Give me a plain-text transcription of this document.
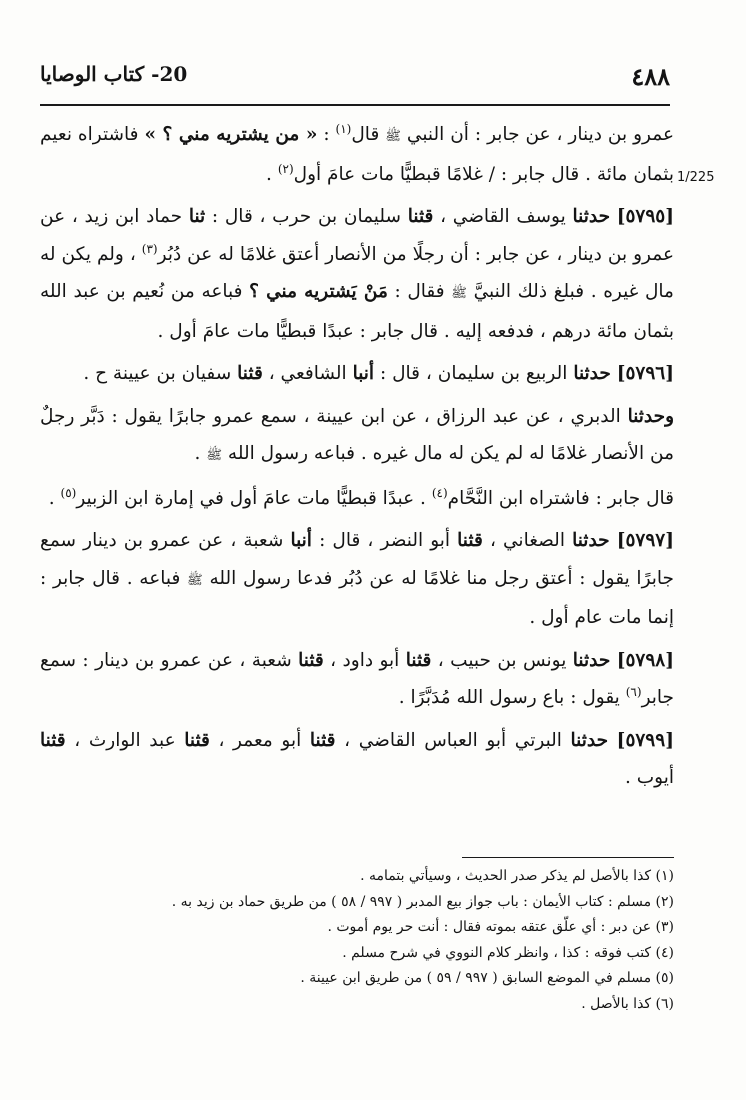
٤٨٨
20- كتاب الوصايا
1/225

عمرو بن دينار ، عن جابر : أن النبي ﷺ قال$^{(١)}$ : « من يشتريه مني ؟ » فاشتراه نعيم بثمان مائة . قال جابر : / غلامًا قبطيًّا مات عامَ أول$^{(٢)}$ .

[٥٧٩٥] حدثنا يوسف القاضي ، قثنا سليمان بن حرب ، قال : ثنا حماد ابن زيد ، عن عمرو بن دينار ، عن جابر : أن رجلًا من الأنصار أعتق غلامًا له عن دُبُر$^{(٣)}$ ، ولم يكن له مال غيره . فبلغ ذلك النبيَّ ﷺ فقال : مَنْ يَشتريه مني ؟ فباعه من نُعيم بن عبد الله بثمان مائة درهم ، فدفعه إليه . قال جابر : عبدًا قبطيًّا مات عامَ أول .

[٥٧٩٦] حدثنا الربيع بن سليمان ، قال : أنبا الشافعي ، قثنا سفيان بن عيينة ح .

وحدثنا الدبري ، عن عبد الرزاق ، عن ابن عيينة ، سمع عمرو جابرًا يقول : دَبَّر رجلٌ من الأنصار غلامًا له لم يكن له مال غيره . فباعه رسول الله ﷺ .

قال جابر : فاشتراه ابن النَّحَّام$^{(٤)}$ . عبدًا قبطيًّا مات عامَ أول في إمارة ابن الزبير$^{(٥)}$ .

[٥٧٩٧] حدثنا الصغاني ، قثنا أبو النضر ، قال : أنبا شعبة ، عن عمرو بن دينار سمع جابرًا يقول : أعتق رجل منا غلامًا له عن دُبُر فدعا رسول الله ﷺ فباعه . قال جابر : إنما مات عام أول .

[٥٧٩٨] حدثنا يونس بن حبيب ، قثنا أبو داود ، قثنا شعبة ، عن عمرو بن دينار : سمع جابر$^{(٦)}$ يقول : باع رسول الله مُدَبَّرًا .

[٥٧٩٩] حدثنا البرتي أبو العباس القاضي ، قثنا أبو معمر ، قثنا عبد الوارث ، قثنا أيوب .

(١) كذا بالأصل لم يذكر صدر الحديث ، وسيأتي بتمامه .
(٢) مسلم : كتاب الأيمان : باب جواز بيع المدبر ( ٩٩٧ / ٥٨ ) من طريق حماد بن زيد به .
(٣) عن دبر : أي علّق عتقه بموته فقال : أنت حر يوم أموت .
(٤) كتب فوقه : كذا ، وانظر كلام النووي في شرح مسلم .
(٥) مسلم في الموضع السابق ( ٩٩٧ / ٥٩ ) من طريق ابن عيينة .
(٦) كذا بالأصل .
